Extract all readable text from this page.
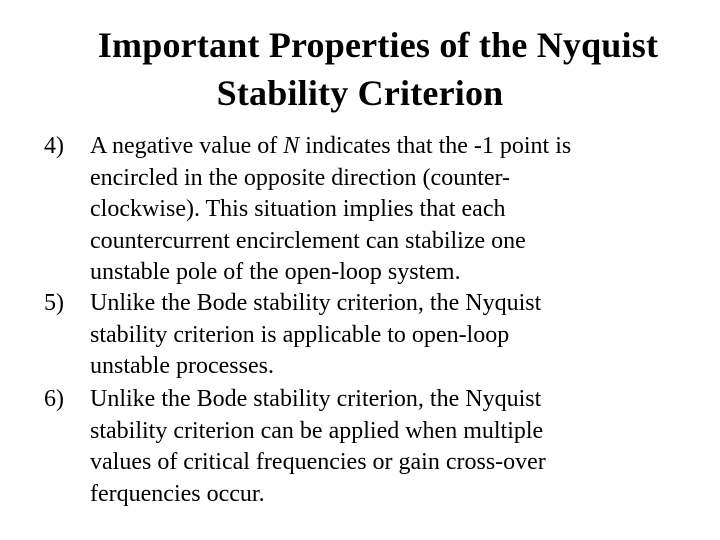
Important Properties of the Nyquist
Stability Criterion
4)	A negative value of N indicates that the -1 point is
encircled in the opposite direction (counter-
clockwise). This situation implies that each
countercurrent encirclement can stabilize one
unstable pole of the open-loop system.
5)	Unlike the Bode stability criterion, the Nyquist
stability criterion is applicable to open-loop
unstable processes.
6)	Unlike the Bode stability criterion, the Nyquist
stability criterion can be applied when multiple
values of critical frequencies or gain cross-over
ferquencies occur.
